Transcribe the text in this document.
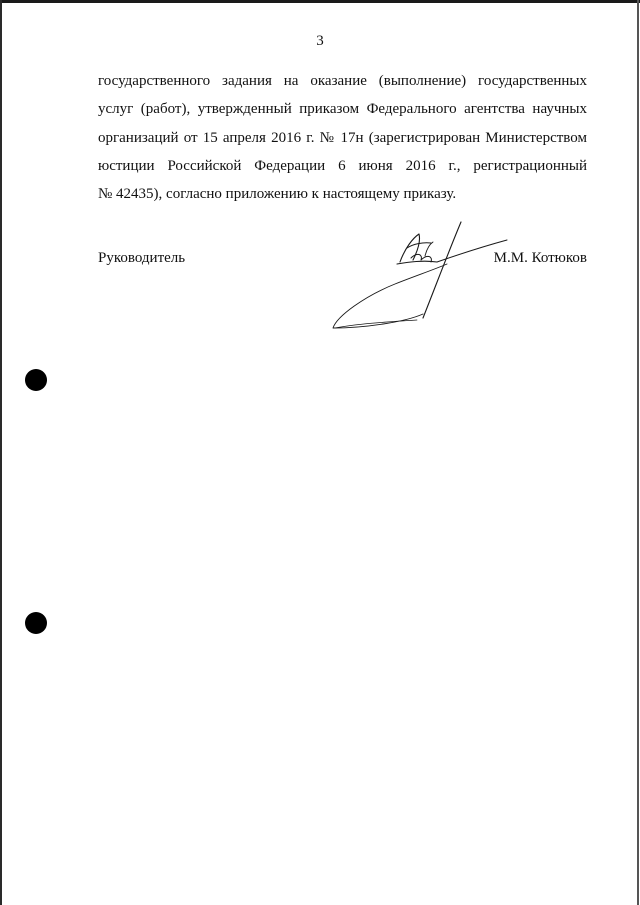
3
государственного задания на оказание (выполнение) государственных
услуг (работ), утвержденный приказом Федерального агентства научных
организаций от 15 апреля 2016 г. № 17н (зарегистрирован Министерством
юстиции Российской Федерации 6 июня 2016 г., регистрационный
№ 42435), согласно приложению к настоящему приказу.
Руководитель	М.М. Котюков
